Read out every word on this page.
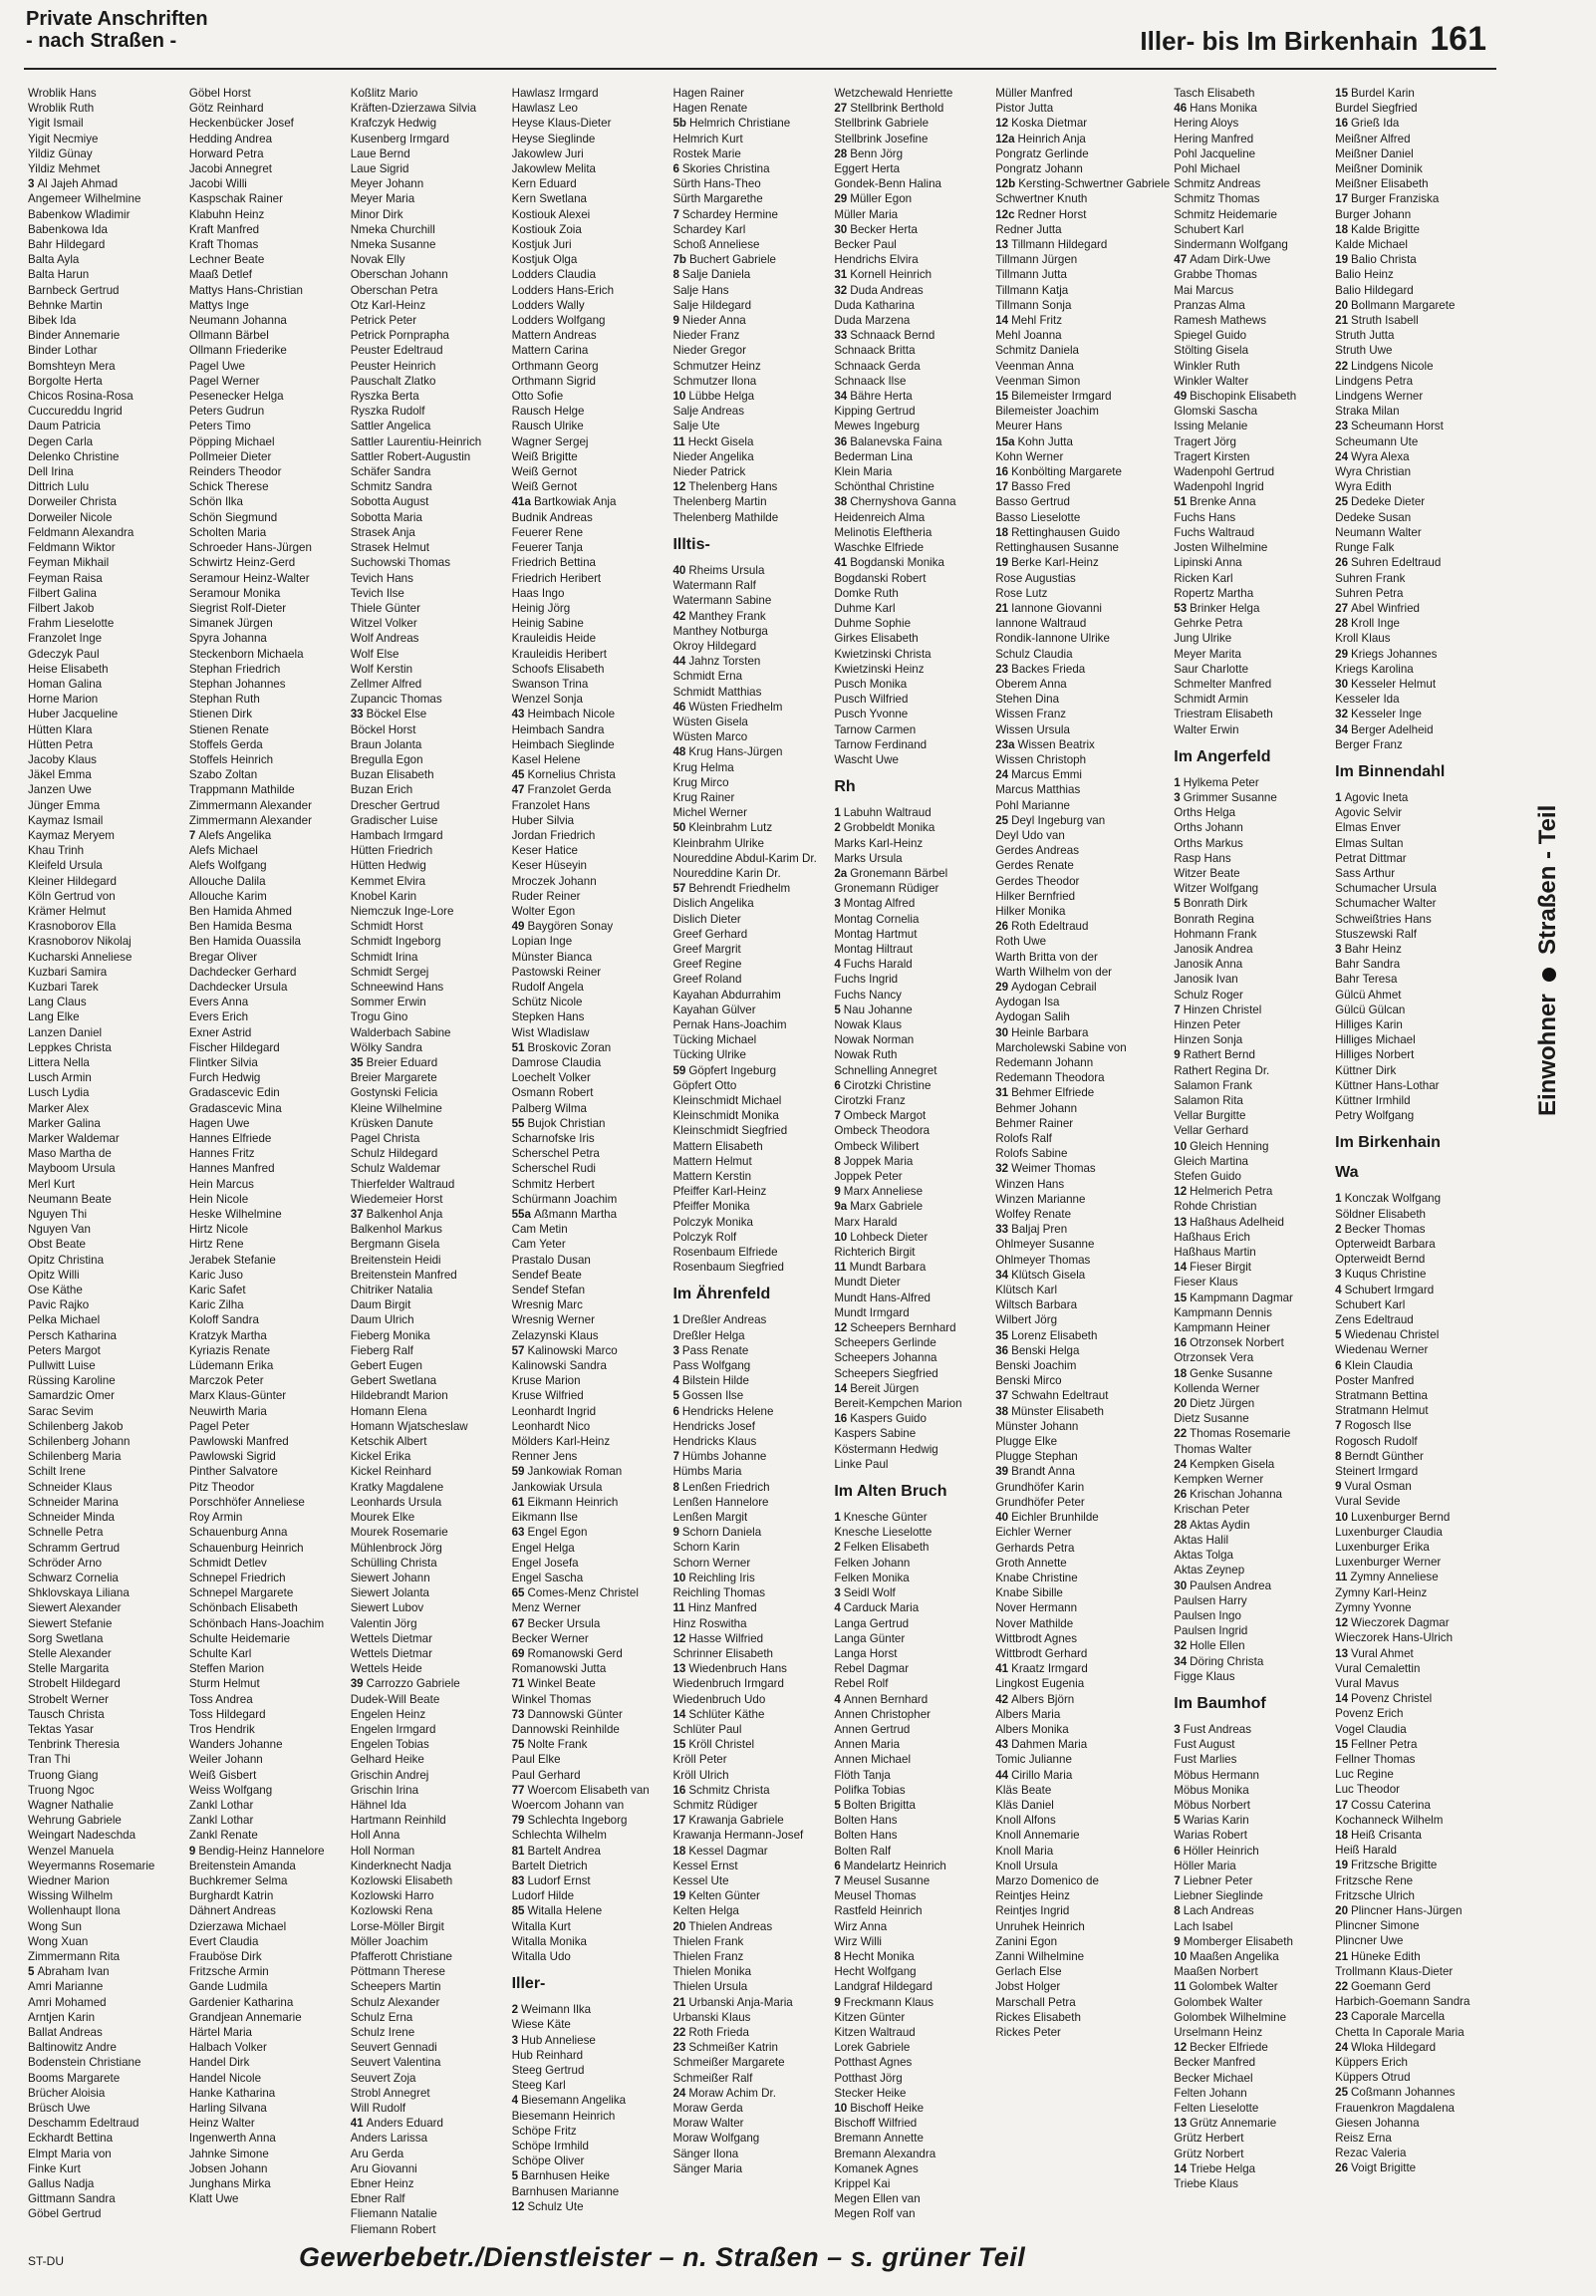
Private Anschriften
- nach Straßen -	Iller- bis Im Birkenhain 161
Wroblik Hans
Wroblik Ruth
Yigit Ismail
Yigit Necmiye
Yildiz Günay
Yildiz Mehmet
3 Al Jajeh Ahmad
Angemeer Wilhelmine
Babenkow Wladimir
Babenkowa Ida
Bahr Hildegard
Balta Ayla
Balta Harun
Barnbeck Gertrud
Behnke Martin
Bibek Ida
Binder Annemarie
Binder Lothar
Bomshteyn Mera
Borgolte Herta
Chicos Rosina-Rosa
Cuccureddu Ingrid
Daum Patricia
Degen Carla
Delenko Christine
Dell Irina
Dittrich Lulu
Dorweiler Christa
Dorweiler Nicole
Feldmann Alexandra
Feldmann Wiktor
Feyman Mikhail
Feyman Raisa
Filbert Galina
Filbert Jakob
Frahm Lieselotte
Franzolet Inge
Gdeczyk Paul
Heise Elisabeth
Homan Galina
Horne Marion
Huber Jacqueline
Hütten Klara
Hütten Petra
Jacoby Klaus
Jäkel Emma
Janzen Uwe
Jünger Emma
Kaymaz Ismail
Kaymaz Meryem
Khau Trinh
Kleifeld Ursula
Kleiner Hildegard
Köln Gertrud von
Krämer Helmut
Krasnoborov Ella
Krasnoborov Nikolaj
Kucharski Anneliese
Kuzbari Samira
Kuzbari Tarek
Lang Claus
Lang Elke
Lanzen Daniel
Leppkes Christa
Littera Nella
Lusch Armin
Lusch Lydia
Marker Alex
Marker Galina
Marker Waldemar
Maso Martha de
Mayboom Ursula
Merl Kurt
Neumann Beate
Nguyen Thi
Nguyen Van
Obst Beate
Opitz Christina
Opitz Willi
Ose Käthe
Pavic Rajko
Pelka Michael
Persch Katharina
Peters Margot
Pullwitt Luise
Rüssing Karoline
Samardzic Omer
Sarac Sevim
Schilenberg Jakob
Schilenberg Johann
Schilenberg Maria
Schilt Irene
Schneider Klaus
Schneider Marina
Schneider Minda
Schnelle Petra
Schramm Gertrud
Schröder Arno
Schwarz Cornelia
Shklovskaya Liliana
Siewert Alexander
Siewert Stefanie
Sorg Swetlana
Stelle Alexander
Stelle Margarita
Strobelt Hildegard
Strobelt Werner
Tausch Christa
Tektas Yasar
Tenbrink Theresia
Tran Thi
Truong Giang
Truong Ngoc
Wagner Nathalie
Wehrung Gabriele
Weingart Nadeschda
Wenzel Manuela
Weyermanns Rosemarie
Wiedner Marion
Wissing Wilhelm
Wollenhaupt Ilona
Wong Sun
Wong Xuan
Zimmermann Rita
5 Abraham Ivan
Amri Marianne
Amri Mohamed
Arntjen Karin
Ballat Andreas
Baltinowitz Andre
Bodenstein Christiane
Booms Margarete
Brücher Aloisia
Brüsch Uwe
Deschamm Edeltraud
Eckhardt Bettina
Elmpt Maria von
Finke Kurt
Gallus Nadja
Gittmann Sandra
Göbel Gertrud
Göbel Horst
Götz Reinhard
Heckenbücker Josef
Hedding Andrea
Horward Petra
Jacobi Annegret
Jacobi Willi
Kaspschak Rainer
Klabuhn Heinz
Kraft Manfred
Kraft Thomas
Lechner Beate
Maaß Detlef
Mattys Hans-Christian
Mattys Inge
Neumann Johanna
Ollmann Bärbel
Ollmann Friederike
Pagel Uwe
Pagel Werner
Pesenecker Helga
Peters Gudrun
Peters Timo
Pöpping Michael
Pollmeier Dieter
Reinders Theodor
Schick Therese
Schön Ilka
Schön Siegmund
Scholten Maria
Schroeder Hans-Jürgen
Schwirtz Heinz-Gerd
Seramour Heinz-Walter
Seramour Monika
Siegrist Rolf-Dieter
Simanek Jürgen
Spyra Johanna
Steckenborn Michaela
Stephan Friedrich
Stephan Johannes
Stephan Ruth
Stienen Dirk
Stienen Renate
Stoffels Gerda
Stoffels Heinrich
Szabo Zoltan
Trappmann Mathilde
Zimmermann Alexander
Zimmermann Alexander
7 Alefs Angelika
Alefs Michael
Alefs Wolfgang
Allouche Dalila
Allouche Karim
Ben Hamida Ahmed
Ben Hamida Besma
Ben Hamida Ouassila
Bregar Oliver
Dachdecker Gerhard
Dachdecker Ursula
Evers Anna
Evers Erich
Exner Astrid
Fischer Hildegard
Flintker Silvia
Furch Hedwig
Gradascevic Edin
Gradascevic Mina
Hagen Uwe
Hannes Elfriede
Hannes Fritz
Hannes Manfred
Hein Marcus
Hein Nicole
Heske Wilhelmine
Hirtz Nicole
Hirtz Rene
Jerabek Stefanie
Karic Juso
Karic Safet
Karic Zilha
Koloff Sandra
Kratzyk Martha
Kyriazis Renate
Lüdemann Erika
Marczok Peter
Marx Klaus-Günter
Neuwirth Maria
Pagel Peter
Pawlowski Manfred
Pawlowski Sigrid
Pinther Salvatore
Pitz Theodor
Porschhöfer Anneliese
Roy Armin
Schauenburg Anna
Schauenburg Heinrich
Schmidt Detlev
Schnepel Friedrich
Schnepel Margarete
Schönbach Elisabeth
Schönbach Hans-Joachim
Schulte Heidemarie
Schulte Karl
Steffen Marion
Sturm Helmut
Toss Andrea
Toss Hildegard
Tros Hendrik
Wanders Johanne
Weiler Johann
Weiß Gisbert
Weiss Wolfgang
Zankl Lothar
Zankl Lothar
Zankl Renate
9 Bendig-Heinz Hannelore
Breitenstein Amanda
Buchkremer Selma
Burghardt Katrin
Dähnert Andreas
Dzierzawa Michael
Evert Claudia
Frauböse Dirk
Fritzsche Armin
Gande Ludmila
Gardenier Katharina
Grandjean Annemarie
Härtel Maria
Halbach Volker
Handel Dirk
Handel Nicole
Hanke Katharina
Harling Silvana
Heinz Walter
Ingenwerth Anna
Jahnke Simone
Jobsen Johann
Junghans Mirka
Klatt Uwe
Koßlitz Mario
Kräften-Dzierzawa Silvia
Krafczyk Hedwig
Kusenberg Irmgard
Laue Bernd
Laue Sigrid
Meyer Johann
Meyer Maria
Minor Dirk
Nmeka Churchill
Nmeka Susanne
Novak Elly
Oberschan Johann
Oberschan Petra
Otz Karl-Heinz
Petrick Peter
Petrick Pornprapha
Peuster Edeltraud
Peuster Heinrich
Pauschalt Zlatko
Ryszka Berta
Ryszka Rudolf
Sattler Angelica
Sattler Laurentiu-Heinrich
Sattler Robert-Augustin
Schäfer Sandra
Schmitz Sandra
Sobotta August
Sobotta Maria
Strasek Anja
Strasek Helmut
Suchowski Thomas
Tevich Hans
Tevich Ilse
Thiele Günter
Witzel Volker
Wolf Andreas
Wolf Else
Wolf Kerstin
Zellmer Alfred
Zupancic Thomas
33 Böckel Else
Böckel Horst
Braun Jolanta
Bregulla Egon
Buzan Elisabeth
Buzan Erich
Drescher Gertrud
Gradischer Luise
Hambach Irmgard
Hütten Friedrich
Hütten Hedwig
Kemmet Elvira
Knobel Karin
Niemczuk Inge-Lore
Schmidt Horst
Schmidt Ingeborg
Schmidt Irina
Schmidt Sergej
Schneewind Hans
Sommer Erwin
Trogu Gino
Walderbach Sabine
Wölky Sandra
35 Breier Eduard
Breier Margarete
Gostynski Felicia
Kleine Wilhelmine
Krüsken Danute
Pagel Christa
Schulz Hildegard
Schulz Waldemar
Thierfelder Waltraud
Wiedemeier Horst
37 Balkenhol Anja
Balkenhol Markus
Bergmann Gisela
Breitenstein Heidi
Breitenstein Manfred
Chitriker Natalia
Daum Birgit
Daum Ulrich
Fieberg Monika
Fieberg Ralf
Gebert Eugen
Gebert Swetlana
Hildebrandt Marion
Homann Elena
Homann Wjatscheslaw
Ketschik Albert
Kickel Erika
Kickel Reinhard
Kratky Magdalene
Leonhards Ursula
Mourek Elke
Mourek Rosemarie
Mühlenbrock Jörg
Schülling Christa
Siewert Johann
Siewert Jolanta
Siewert Lubov
Valentin Jörg
Wettels Dietmar
Wettels Dietmar
Wettels Heide
39 Carrozzo Gabriele
Dudek-Will Beate
Engelen Heinz
Engelen Irmgard
Engelen Tobias
Gelhard Heike
Grischin Andrej
Grischin Irina
Hähnel Ida
Hartmann Reinhild
Holl Anna
Holl Norman
Kinderknecht Nadja
Kozlowski Elisabeth
Kozlowski Harro
Kozlowski Rena
Lorse-Möller Birgit
Möller Joachim
Pfafferott Christiane
Pöttmann Therese
Scheepers Martin
Schulz Alexander
Schulz Erna
Schulz Irene
Seuvert Gennadi
Seuvert Valentina
Seuvert Zoja
Strobl Annegret
Will Rudolf
41 Anders Eduard
Anders Larissa
Aru Gerda
Aru Giovanni
Ebner Heinz
Ebner Ralf
Fliemann Natalie
Fliemann Robert
Hawlasz Irmgard
Hawlasz Leo
Heyse Klaus-Dieter
Heyse Sieglinde
Jakowlew Juri
Jakowlew Melita
Kern Eduard
Kern Swetlana
Kostiouk Alexei
Kostiouk Zoia
Kostjuk Juri
Kostjuk Olga
Lodders Claudia
Lodders Hans-Erich
Lodders Wally
Lodders Wolfgang
Mattern Andreas
Mattern Carina
Orthmann Georg
Orthmann Sigrid
Otto Sofie
Rausch Helge
Rausch Ulrike
Wagner Sergej
Weiß Brigitte
Weiß Gernot
Weiß Gernot
41a Bartkowiak Anja
Budnik Andreas
Feuerer Rene
Feuerer Tanja
Friedrich Bettina
Friedrich Heribert
Haas Ingo
Heinig Jörg
Heinig Sabine
Krauleidis Heide
Krauleidis Heribert
Schoofs Elisabeth
Swanson Trina
Wenzel Sonja
43 Heimbach Nicole
Heimbach Sandra
Heimbach Sieglinde
Kasel Helene
45 Kornelius Christa
47 Franzolet Gerda
Franzolet Hans
Huber Silvia
Jordan Friedrich
Keser Hatice
Keser Hüseyin
Mroczek Johann
Ruder Reiner
Wolter Egon
49 Baygören Sonay
Lopian Inge
Münster Bianca
Pastowski Reiner
Rudolf Angela
Schütz Nicole
Stepken Hans
Wist Wladislaw
51 Broskovic Zoran
Damrose Claudia
Loechelt Volker
Osmann Robert
Palberg Wilma
55 Bujok Christian
Scharnofske Iris
Scherschel Petra
Scherschel Rudi
Schmitz Herbert
Schürmann Joachim
55a Aßmann Martha
Cam Metin
Cam Yeter
Prastalo Dusan
Sendef Beate
Sendef Stefan
Wresnig Marc
Wresnig Werner
Zelazynski Klaus
57 Kalinowski Marco
Kalinowski Sandra
Kruse Marion
Kruse Wilfried
Leonhardt Ingrid
Leonhardt Nico
Mölders Karl-Heinz
Renner Jens
59 Jankowiak Roman
Jankowiak Ursula
61 Eikmann Heinrich
Eikmann Ilse
63 Engel Egon
Engel Helga
Engel Josefa
Engel Sascha
65 Comes-Menz Christel
Menz Werner
67 Becker Ursula
Becker Werner
69 Romanowski Gerd
Romanowski Jutta
71 Winkel Beate
Winkel Thomas
73 Dannowski Günter
Dannowski Reinhilde
75 Nolte Frank
Paul Elke
Paul Gerhard
77 Woercom Elisabeth van
Woercom Johann van
79 Schlechta Ingeborg
Schlechta Wilhelm
81 Bartelt Andrea
Bartelt Dietrich
83 Ludorf Ernst
Ludorf Hilde
85 Witalla Helene
Witalla Kurt
Witalla Monika
Witalla Udo
Iller-
2 Weimann Ilka
Wiese Käte
3 Hub Anneliese
Hub Reinhard
Steeg Gertrud
Steeg Karl
4 Biesemann Angelika
Biesemann Heinrich
Schöpe Fritz
Schöpe Irmhild
Schöpe Oliver
5 Barnhusen Heike
Barnhusen Marianne
12 Schulz Ute
Hagen Rainer
Hagen Renate
5b Helmrich Christiane
Helmrich Kurt
Rostek Marie
6 Skories Christina
Sürth Hans-Theo
Sürth Margarethe
7 Schardey Hermine
Schardey Karl
Schoß Anneliese
7b Buchert Gabriele
8 Salje Daniela
Salje Hans
Salje Hildegard
9 Nieder Anna
Nieder Franz
Nieder Gregor
Schmutzer Heinz
Schmutzer Ilona
10 Lübbe Helga
Salje Andreas
Salje Ute
11 Heckt Gisela
Nieder Angelika
Nieder Patrick
12 Thelenberg Hans
Thelenberg Martin
Thelenberg Mathilde
Illtis-
40 Rheims Ursula
Watermann Ralf
Watermann Sabine
42 Manthey Frank
Manthey Notburga
Okroy Hildegard
44 Jahnz Torsten
Schmidt Erna
Schmidt Matthias
46 Wüsten Friedhelm
Wüsten Gisela
Wüsten Marco
48 Krug Hans-Jürgen
Krug Helma
Krug Mirco
Krug Rainer
Michel Werner
50 Kleinbrahm Lutz
Kleinbrahm Ulrike
Noureddine Abdul-Karim Dr.
Noureddine Karin Dr.
57 Behrendt Friedhelm
Dislich Angelika
Dislich Dieter
Greef Gerhard
Greef Margrit
Greef Regine
Greef Roland
Kayahan Abdurrahim
Kayahan Gülver
Pernak Hans-Joachim
Tücking Michael
Tücking Ulrike
59 Göpfert Ingeburg
Göpfert Otto
Kleinschmidt Michael
Kleinschmidt Monika
Kleinschmidt Siegfried
Mattern Elisabeth
Mattern Helmut
Mattern Kerstin
Pfeiffer Karl-Heinz
Pfeiffer Monika
Polczyk Monika
Polczyk Rolf
Rosenbaum Elfriede
Rosenbaum Siegfried
Im Ährenfeld
1 Dreßler Andreas
Dreßler Helga
3 Pass Renate
Pass Wolfgang
4 Bilstein Hilde
5 Gossen Ilse
6 Hendricks Helene
Hendricks Josef
Hendricks Klaus
7 Hümbs Johanne
Hümbs Maria
8 Lenßen Friedrich
Lenßen Hannelore
Lenßen Margit
9 Schorn Daniela
Schorn Karin
Schorn Werner
10 Reichling Iris
Reichling Thomas
11 Hinz Manfred
Hinz Roswitha
12 Hasse Wilfried
Schrinner Elisabeth
13 Wiedenbruch Hans
Wiedenbruch Irmgard
Wiedenbruch Udo
14 Schlüter Käthe
Schlüter Paul
15 Kröll Christel
Kröll Peter
Kröll Ulrich
16 Schmitz Christa
Schmitz Rüdiger
17 Krawanja Gabriele
Krawanja Hermann-Josef
18 Kessel Dagmar
Kessel Ernst
Kessel Ute
19 Kelten Günter
Kelten Helga
20 Thielen Andreas
Thielen Frank
Thielen Franz
Thielen Monika
Thielen Ursula
21 Urbanski Anja-Maria
Urbanski Klaus
22 Roth Frieda
23 Schmeißer Katrin
Schmeißer Margarete
Schmeißer Ralf
24 Moraw Achim Dr.
Moraw Gerda
Moraw Walter
Moraw Wolfgang
Sänger Ilona
Sänger Maria
Wetzchewald Henriette
27 Stellbrink Berthold
Stellbrink Gabriele
Stellbrink Josefine
28 Benn Jörg
Eggert Herta
Gondek-Benn Halina
29 Müller Egon
Müller Maria
30 Becker Herta
Becker Paul
Hendrichs Elvira
31 Kornell Heinrich
32 Duda Andreas
Duda Katharina
Duda Marzena
33 Schnaack Bernd
Schnaack Britta
Schnaack Gerda
Schnaack Ilse
34 Bähre Herta
Kipping Gertrud
Mewes Ingeburg
36 Balanevska Faina
Bederman Lina
Klein Maria
Schönthal Christine
38 Chernyshova Ganna
Heidenreich Alma
Melinotis Eleftheria
Waschke Elfriede
41 Bogdanski Monika
Bogdanski Robert
Domke Ruth
Duhme Karl
Duhme Sophie
Girkes Elisabeth
Kwietzinski Christa
Kwietzinski Heinz
Pusch Monika
Pusch Wilfried
Pusch Yvonne
Tarnow Carmen
Tarnow Ferdinand
Wascht Uwe
Rh
1 Labuhn Waltraud
2 Grobbeldt Monika
Marks Karl-Heinz
Marks Ursula
2a Gronemann Bärbel
Gronemann Rüdiger
3 Montag Alfred
Montag Cornelia
Montag Hartmut
Montag Hiltraut
4 Fuchs Harald
Fuchs Ingrid
Fuchs Nancy
5 Nau Johanne
Nowak Klaus
Nowak Norman
Nowak Ruth
Schnelling Annegret
6 Cirotzki Christine
Cirotzki Franz
7 Ombeck Margot
Ombeck Theodora
Ombeck Wilibert
8 Joppek Maria
Joppek Peter
9 Marx Anneliese
9a Marx Gabriele
Marx Harald
10 Lohbeck Dieter
Richterich Birgit
11 Mundt Barbara
Mundt Dieter
Mundt Hans-Alfred
Mundt Irmgard
12 Scheepers Bernhard
Scheepers Gerlinde
Scheepers Johanna
Scheepers Siegfried
14 Bereit Jürgen
Bereit-Kempchen Marion
16 Kaspers Guido
Kaspers Sabine
Köstermann Hedwig
Linke Paul
Im Alten Bruch
1 Knesche Günter
Knesche Lieselotte
2 Felken Elisabeth
Felken Johann
Felken Monika
3 Seidl Wolf
4 Carduck Maria
Langa Gertrud
Langa Günter
Langa Horst
Rebel Dagmar
Rebel Rolf
4 Annen Bernhard
Annen Christopher
Annen Gertrud
Annen Maria
Annen Michael
Flöth Tanja
Polifka Tobias
5 Bolten Brigitta
Bolten Hans
Bolten Hans
Bolten Ralf
6 Mandelartz Heinrich
7 Meusel Susanne
Meusel Thomas
Rastfeld Heinrich
Wirz Anna
Wirz Willi
8 Hecht Monika
Hecht Wolfgang
Landgraf Hildegard
9 Freckmann Klaus
Kitzen Günter
Kitzen Waltraud
Lorek Gabriele
Potthast Agnes
Potthast Jörg
Stecker Heike
10 Bischoff Heike
Bischoff Wilfried
Bremann Annette
Bremann Alexandra
Komanek Agnes
Krippel Kai
Megen Ellen van
Megen Rolf van
Müller Manfred
Pistor Jutta
12 Koska Dietmar
12a Heinrich Anja
Pongratz Gerlinde
Pongratz Johann
12b Kersting-Schwertner Gabriele
Schwertner Knuth
12c Redner Horst
Redner Jutta
13 Tillmann Hildegard
Tillmann Jürgen
Tillmann Jutta
Tillmann Katja
Tillmann Sonja
14 Mehl Fritz
Mehl Joanna
Schmitz Daniela
Veenman Anna
Veenman Simon
15 Bilemeister Irmgard
Bilemeister Joachim
Meurer Hans
15a Kohn Jutta
Kohn Werner
16 Konbölting Margarete
17 Basso Fred
Basso Gertrud
Basso Lieselotte
18 Rettinghausen Guido
Rettinghausen Susanne
19 Berke Karl-Heinz
Rose Augustias
Rose Lutz
21 Iannone Giovanni
Iannone Waltraud
Rondik-Iannone Ulrike
Schulz Claudia
23 Backes Frieda
Oberem Anna
Stehen Dina
Wissen Franz
Wissen Ursula
23a Wissen Beatrix
Wissen Christoph
24 Marcus Emmi
Marcus Matthias
Pohl Marianne
25 Deyl Ingeburg van
Deyl Udo van
Gerdes Andreas
Gerdes Renate
Gerdes Theodor
Hilker Bernfried
Hilker Monika
26 Roth Edeltraud
Roth Uwe
Warth Britta von der
Warth Wilhelm von der
29 Aydogan Cebrail
Aydogan Isa
Aydogan Salih
30 Heinle Barbara
Marcholewski Sabine von
Redemann Johann
Redemann Theodora
31 Behmer Elfriede
Behmer Johann
Behmer Rainer
Rolofs Ralf
Rolofs Sabine
32 Weimer Thomas
Winzen Hans
Winzen Marianne
Wolfey Renate
33 Baljaj Pren
Ohlmeyer Susanne
Ohlmeyer Thomas
34 Klütsch Gisela
Klütsch Karl
Wiltsch Barbara
Wilbert Jörg
35 Lorenz Elisabeth
36 Benski Helga
Benski Joachim
Benski Mirco
37 Schwahn Edeltraut
38 Münster Elisabeth
Münster Johann
Plugge Elke
Plugge Stephan
39 Brandt Anna
Grundhöfer Karin
Grundhöfer Peter
40 Eichler Brunhilde
Eichler Werner
Gerhards Petra
Groth Annette
Knabe Christine
Knabe Sibille
Nover Hermann
Nover Mathilde
Wittbrodt Agnes
Wittbrodt Gerhard
41 Kraatz Irmgard
Lingkost Eugenia
42 Albers Björn
Albers Maria
Albers Monika
43 Dahmen Maria
Tomic Julianne
44 Cirillo Maria
Kläs Beate
Kläs Daniel
Knoll Alfons
Knoll Annemarie
Knoll Maria
Knoll Ursula
Marzo Domenico de
Reintjes Heinz
Reintjes Ingrid
Unruhek Heinrich
Zanini Egon
Zanni Wilhelmine
Gerlach Else
Jobst Holger
Marschall Petra
Rickes Elisabeth
Rickes Peter
Tasch Elisabeth
46 Hans Monika
Hering Aloys
Hering Manfred
Pohl Jacqueline
Pohl Michael
Schmitz Andreas
Schmitz Thomas
Schmitz Heidemarie
Schubert Karl
Sindermann Wolfgang
47 Adam Dirk-Uwe
Grabbe Thomas
Mai Marcus
Pranzas Alma
Ramesh Mathews
Spiegel Guido
Stölting Gisela
Winkler Ruth
Winkler Walter
49 Bischopink Elisabeth
Glomski Sascha
Issing Melanie
Tragert Jörg
Tragert Kirsten
Wadenpohl Gertrud
Wadenpohl Ingrid
51 Brenke Anna
Fuchs Hans
Fuchs Waltraud
Josten Wilhelmine
Lipinski Anna
Ricken Karl
Ropertz Martha
53 Brinker Helga
Gehrke Petra
Jung Ulrike
Meyer Marita
Saur Charlotte
Schmelter Manfred
Schmidt Armin
Triestram Elisabeth
Walter Erwin
Im Angerfeld
1 Hylkema Peter
3 Grimmer Susanne
Orths Helga
Orths Johann
Orths Markus
Rasp Hans
Witzer Beate
Witzer Wolfgang
5 Bonrath Dirk
Bonrath Regina
Hohmann Frank
Janosik Andrea
Janosik Anna
Janosik Ivan
Schulz Roger
7 Hinzen Christel
Hinzen Peter
Hinzen Sonja
9 Rathert Bernd
Rathert Regina Dr.
Salamon Frank
Salamon Rita
Vellar Burgitte
Vellar Gerhard
10 Gleich Henning
Gleich Martina
Stefen Guido
12 Helmerich Petra
Rohde Christian
13 Haßhaus Adelheid
Haßhaus Erich
Haßhaus Martin
14 Fieser Birgit
Fieser Klaus
15 Kampmann Dagmar
Kampmann Dennis
Kampmann Heiner
16 Otrzonsek Norbert
Otrzonsek Vera
18 Genke Susanne
Kollenda Werner
20 Dietz Jürgen
Dietz Susanne
22 Thomas Rosemarie
Thomas Walter
24 Kempken Gisela
Kempken Werner
26 Krischan Johanna
Krischan Peter
28 Aktas Aydin
Aktas Halil
Aktas Tolga
Aktas Zeynep
30 Paulsen Andrea
Paulsen Harry
Paulsen Ingo
Paulsen Ingrid
32 Holle Ellen
34 Döring Christa
Figge Klaus
Im Baumhof
3 Fust Andreas
Fust August
Fust Marlies
Möbus Hermann
Möbus Monika
Möbus Norbert
5 Warias Karin
Warias Robert
6 Höller Heinrich
Höller Maria
7 Liebner Peter
Liebner Sieglinde
8 Lach Andreas
Lach Isabel
9 Momberger Elisabeth
10 Maaßen Angelika
Maaßen Norbert
11 Golombek Walter
Golombek Walter
Golombek Wilhelmine
Urselmann Heinz
12 Becker Elfriede
Becker Manfred
Becker Michael
Felten Johann
Felten Lieselotte
13 Grütz Annemarie
Grütz Herbert
Grütz Norbert
14 Triebe Helga
Triebe Klaus
15 Burdel Karin
Burdel Siegfried
16 Grieß Ida
Meißner Alfred
Meißner Daniel
Meißner Dominik
Meißner Elisabeth
17 Burger Franziska
Burger Johann
18 Kalde Brigitte
Kalde Michael
19 Balio Christa
Balio Heinz
Balio Hildegard
20 Bollmann Margarete
21 Struth Isabell
Struth Jutta
Struth Uwe
22 Lindgens Nicole
Lindgens Petra
Lindgens Werner
Straka Milan
23 Scheumann Horst
Scheumann Ute
24 Wyra Alexa
Wyra Christian
Wyra Edith
25 Dedeke Dieter
Dedeke Susan
Neumann Walter
Runge Falk
26 Suhren Edeltraud
Suhren Frank
Suhren Petra
27 Abel Winfried
28 Kroll Inge
Kroll Klaus
29 Kriegs Johannes
Kriegs Karolina
30 Kesseler Helmut
Kesseler Ida
32 Kesseler Inge
34 Berger Adelheid
Berger Franz
Im Binnendahl
1 Agovic Ineta
Agovic Selvir
Elmas Enver
Elmas Sultan
Petrat Dittmar
Sass Arthur
Schumacher Ursula
Schumacher Walter
Schweißtries Hans
Stuszewski Ralf
3 Bahr Heinz
Bahr Sandra
Bahr Teresa
Gülcü Ahmet
Gülcü Gülcan
Hilliges Karin
Hilliges Michael
Hilliges Norbert
Küttner Dirk
Küttner Hans-Lothar
Küttner Irmhild
Petry Wolfgang
Im Birkenhain
Wa
1 Konczak Wolfgang
Söldner Elisabeth
2 Becker Thomas
Opterweidt Barbara
Opterweidt Bernd
3 Kuqus Christine
4 Schubert Irmgard
Schubert Karl
Zens Edeltraud
5 Wiedenau Christel
Wiedenau Werner
6 Klein Claudia
Poster Manfred
Stratmann Bettina
Stratmann Helmut
7 Rogosch Ilse
Rogosch Rudolf
8 Berndt Günther
Steinert Irmgard
9 Vural Osman
Vural Sevide
10 Luxenburger Bernd
Luxenburger Claudia
Luxenburger Erika
Luxenburger Werner
11 Zymny Anneliese
Zymny Karl-Heinz
Zymny Yvonne
12 Wieczorek Dagmar
Wieczorek Hans-Ulrich
13 Vural Ahmet
Vural Cemalettin
Vural Mavus
14 Povenz Christel
Povenz Erich
Vogel Claudia
15 Fellner Petra
Fellner Thomas
Luc Regine
Luc Theodor
17 Cossu Caterina
Kochanneck Wilhelm
18 Heiß Crisanta
Heiß Harald
19 Fritzsche Brigitte
Fritzsche Rene
Fritzsche Ulrich
20 Plincner Hans-Jürgen
Plincner Simone
Plincner Uwe
21 Hüneke Edith
Trollmann Klaus-Dieter
22 Goemann Gerd
Harbich-Goemann Sandra
23 Caporale Marcella
Chetta In Caporale Maria
24 Wloka Hildegard
Küppers Erich
Küppers Otrud
25 Coßmann Johannes
Frauenkron Magdalena
Giesen Johanna
Reisz Erna
Rezac Valeria
26 Voigt Brigitte
Einwohner  Straßen - Teil
ST-DU	Gewerbebetr./Dienstleister – n. Straßen – s. grüner Teil
